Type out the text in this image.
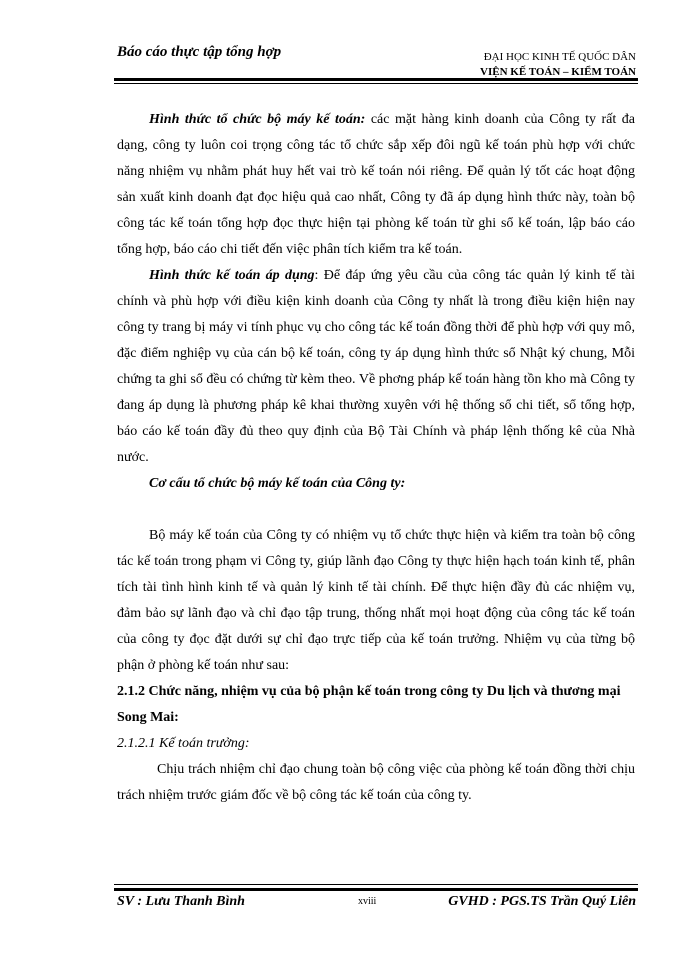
Báo cáo thực tập tổng hợp	ĐẠI HỌC KINH TẾ QUỐC DÂN
VIỆN KẾ TOÁN – KIỂM TOÁN

Hình thức tổ chức bộ máy kế toán: các mặt hàng kinh doanh của Công ty rất đa dạng, công ty luôn coi trọng công tác tổ chức sắp xếp đôi ngũ kế toán phù hợp với chức năng nhiệm vụ nhằm phát huy hết vai trò kế toán nói riêng. Để quản lý tốt các hoạt động sản xuất kinh doanh đạt đọc hiệu quả cao nhất, Công ty đã áp dụng hình thức này, toàn bộ công tác kế toán tổng hợp đọc thực hiện tại phòng kế toán từ ghi sổ kế toán, lập báo cáo tổng hợp, báo cáo chi tiết đến việc phân tích kiểm tra kế toán.

Hình thức kế toán áp dụng: Để đáp ứng yêu cầu của công tác quản lý kinh tế tài chính và phù hợp với điều kiện kinh doanh của Công ty nhất là trong điều kiện hiện nay công ty trang bị máy vi tính phục vụ cho công tác kế toán đồng thời để phù hợp với quy mô, đặc điểm nghiệp vụ của cán bộ kế toán, công ty áp dụng hình thức sổ Nhật ký chung, Mỗi chứng ta ghi sổ đều có chứng từ kèm theo. Về phơng pháp kế toán hàng tồn kho mà Công ty đang áp dụng là phương pháp kê khai thường xuyên với hệ thống sổ chi tiết, sổ tổng hợp, báo cáo kế toán đầy đủ theo quy định của Bộ Tài Chính và pháp lệnh thống kê của Nhà nước.

Cơ cấu tổ chức bộ máy kế toán của Công ty:

Bộ máy kế toán của Công ty có nhiệm vụ tổ chức thực hiện và kiểm tra toàn bộ công tác kế toán trong phạm vi Công ty, giúp lãnh đạo Công ty thực hiện hạch toán kinh tế, phân tích tài tình hình kinh tế và quản lý kinh tế tài chính. Để thực hiện đầy đủ các nhiệm vụ, đảm bảo sự lãnh đạo và chỉ đạo tập trung, thống nhất mọi hoạt động của công tác kế toán của công ty đọc đặt dưới sự chỉ đạo trực tiếp của kế toán trưởng. Nhiệm vụ của từng bộ phận ở phòng kế toán như sau:

2.1.2 Chức năng, nhiệm vụ của bộ phận kế toán trong công ty Du lịch và thương mại Song Mai:

2.1.2.1 Kế toán trưởng:

Chịu trách nhiệm chỉ đạo chung toàn bộ công việc của phòng kế toán đồng thời chịu trách nhiệm trước giám đốc về bộ công tác kế toán của công ty.

SV : Lưu Thanh Bình	xviii	GVHD : PGS.TS Trần Quý Liên
